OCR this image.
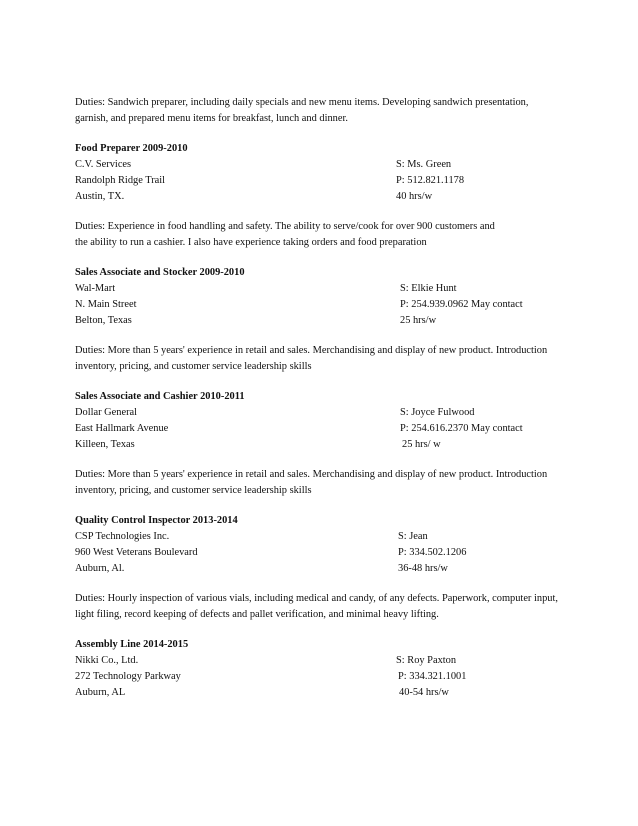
Duties: Sandwich preparer, including daily specials and new menu items. Developing sandwich presentation,
garnish, and prepared menu items for breakfast, lunch and dinner.

Food Preparer 2009-2010

C.V. Services	S: Ms. Green
Randolph Ridge Trail	P: 512.821.1178
Austin, TX.	40 hrs/w

Duties: Experience in food handling and safety. The ability to serve/cook for over 900 customers and
the ability to run a cashier. I also have experience taking orders and food preparation

Sales Associate and Stocker 2009-2010

Wal-Mart	S: Elkie Hunt
N. Main Street	P: 254.939.0962 May contact
Belton, Texas	25 hrs/w

Duties: More than 5 years' experience in retail and sales. Merchandising and display of new product. Introduction
inventory, pricing, and customer service leadership skills

Sales Associate and Cashier 2010-2011

Dollar General	S: Joyce Fulwood
East Hallmark Avenue	P: 254.616.2370 May contact
Killeen, Texas	25 hrs/ w

Duties: More than 5 years' experience in retail and sales. Merchandising and display of new product. Introduction
inventory, pricing, and customer service leadership skills

Quality Control Inspector 2013-2014

CSP Technologies Inc.	S: Jean
960 West Veterans Boulevard	P: 334.502.1206
Auburn, Al.	36-48 hrs/w

Duties: Hourly inspection of various vials, including medical and candy, of any defects. Paperwork, computer input,
light filing, record keeping of defects and pallet verification, and minimal heavy lifting.

Assembly Line 2014-2015

Nikki Co., Ltd.	S: Roy Paxton
272 Technology Parkway	P: 334.321.1001
Auburn, AL	40-54 hrs/w
